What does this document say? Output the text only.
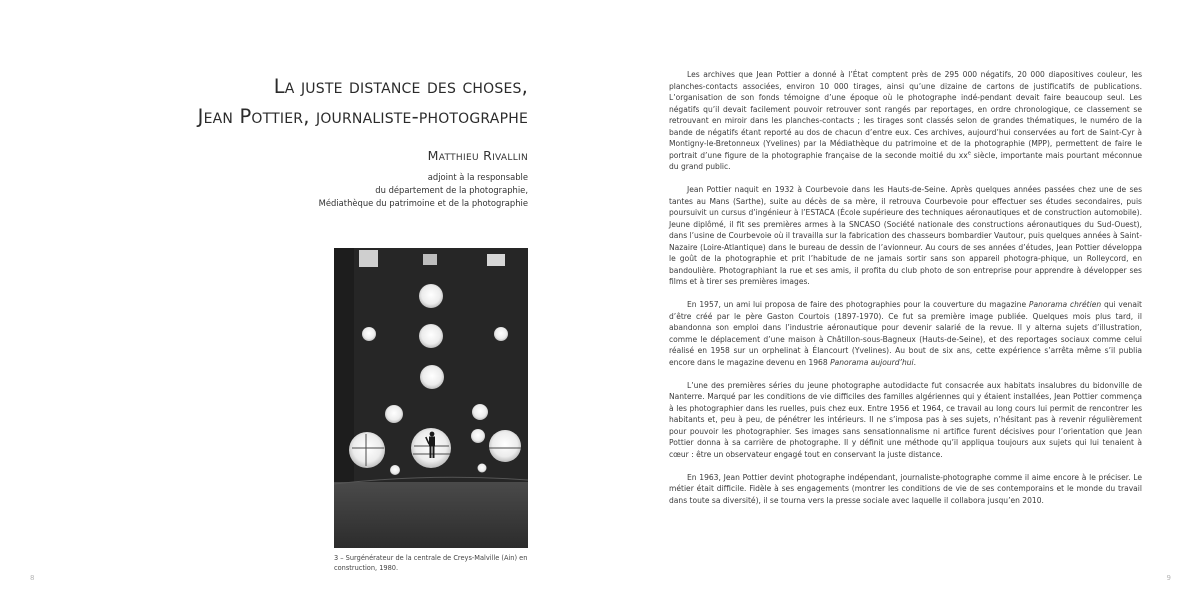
La juste distance des choses,
Jean Pottier, journaliste-photographe
Matthieu Rivallin
adjoint à la responsable
du département de la photographie,
Médiathèque du patrimoine et de la photographie
3 – Surgénérateur de la centrale de Creys-Malville (Ain) en construction, 1980.
8

Les archives que Jean Pottier a donné à l’État comptent près de 295 000 négatifs, 20 000 diapositives couleur, les planches-contacts associées, environ 10 000 tirages, ainsi qu’une dizaine de cartons de justificatifs de publications. L’organisation de son fonds témoigne d’une époque où le photographe indé-pendant devait faire beaucoup seul. Les négatifs qu’il devait facilement pouvoir retrouver sont rangés par reportages, en ordre chronologique, ce classement se retrouvant en miroir dans les planches-contacts ; les tirages sont classés selon de grandes thématiques, le numéro de la bande de négatifs étant reporté au dos de chacun d’entre eux. Ces archives, aujourd’hui conservées au fort de Saint-Cyr à Montigny-le-Bretonneux (Yvelines) par la Médiathèque du patrimoine et de la photographie (MPP), permettent de faire le portrait d’une figure de la photographie française de la seconde moitié du $xx^e$ siècle, importante mais pourtant méconnue du grand public.

Jean Pottier naquit en 1932 à Courbevoie dans les Hauts-de-Seine. Après quelques années passées chez une de ses tantes au Mans (Sarthe), suite au décès de sa mère, il retrouva Courbevoie pour effectuer ses études secondaires, puis poursuivit un cursus d’ingénieur à l’ESTACA (École supérieure des techniques aéronautiques et de construction automobile). Jeune diplômé, il fit ses premières armes à la SNCASO (Société nationale des constructions aéronautiques du Sud-Ouest), dans l’usine de Courbevoie où il travailla sur la fabrication des chasseurs bombardier Vautour, puis quelques années à Saint-Nazaire (Loire-Atlantique) dans le bureau de dessin de l’avionneur. Au cours de ses années d’études, Jean Pottier développa le goût de la photographie et prit l’habitude de ne jamais sortir sans son appareil photogra-phique, un Rolleycord, en bandoulière. Photographiant la rue et ses amis, il profita du club photo de son entreprise pour apprendre à développer ses films et à tirer ses premières images.

En 1957, un ami lui proposa de faire des photographies pour la couverture du magazine Panorama chrétien qui venait d’être créé par le père Gaston Courtois (1897-1970). Ce fut sa première image publiée. Quelques mois plus tard, il abandonna son emploi dans l’industrie aéronautique pour devenir salarié de la revue. Il y alterna sujets d’illustration, comme le déplacement d’une maison à Châtillon-sous-Bagneux (Hauts-de-Seine), et des reportages sociaux comme celui réalisé en 1958 sur un orphelinat à Élancourt (Yvelines). Au bout de six ans, cette expérience s’arrêta même s’il publia encore dans le magazine devenu en 1968 Panorama aujourd’hui.

L’une des premières séries du jeune photographe autodidacte fut consacrée aux habitats insalubres du bidonville de Nanterre. Marqué par les conditions de vie difficiles des familles algériennes qui y étaient installées, Jean Pottier commença à les photographier dans les ruelles, puis chez eux. Entre 1956 et 1964, ce travail au long cours lui permit de rencontrer les habitants et, peu à peu, de pénétrer les intérieurs. Il ne s’imposa pas à ses sujets, n’hésitant pas à revenir régulièrement pour pouvoir les photographier. Ses images sans sensationnalisme ni artifice furent décisives pour l’orientation que Jean Pottier donna à sa carrière de photographe. Il y définit une méthode qu’il appliqua toujours aux sujets qui lui tenaient à cœur : être un observateur engagé tout en conservant la juste distance.

En 1963, Jean Pottier devint photographe indépendant, journaliste-photographe comme il aime encore à le préciser. Le métier était difficile. Fidèle à ses engagements (montrer les conditions de vie de ses contemporains et le monde du travail dans toute sa diversité), il se tourna vers la presse sociale avec laquelle il collabora jusqu’en 2010.

9
